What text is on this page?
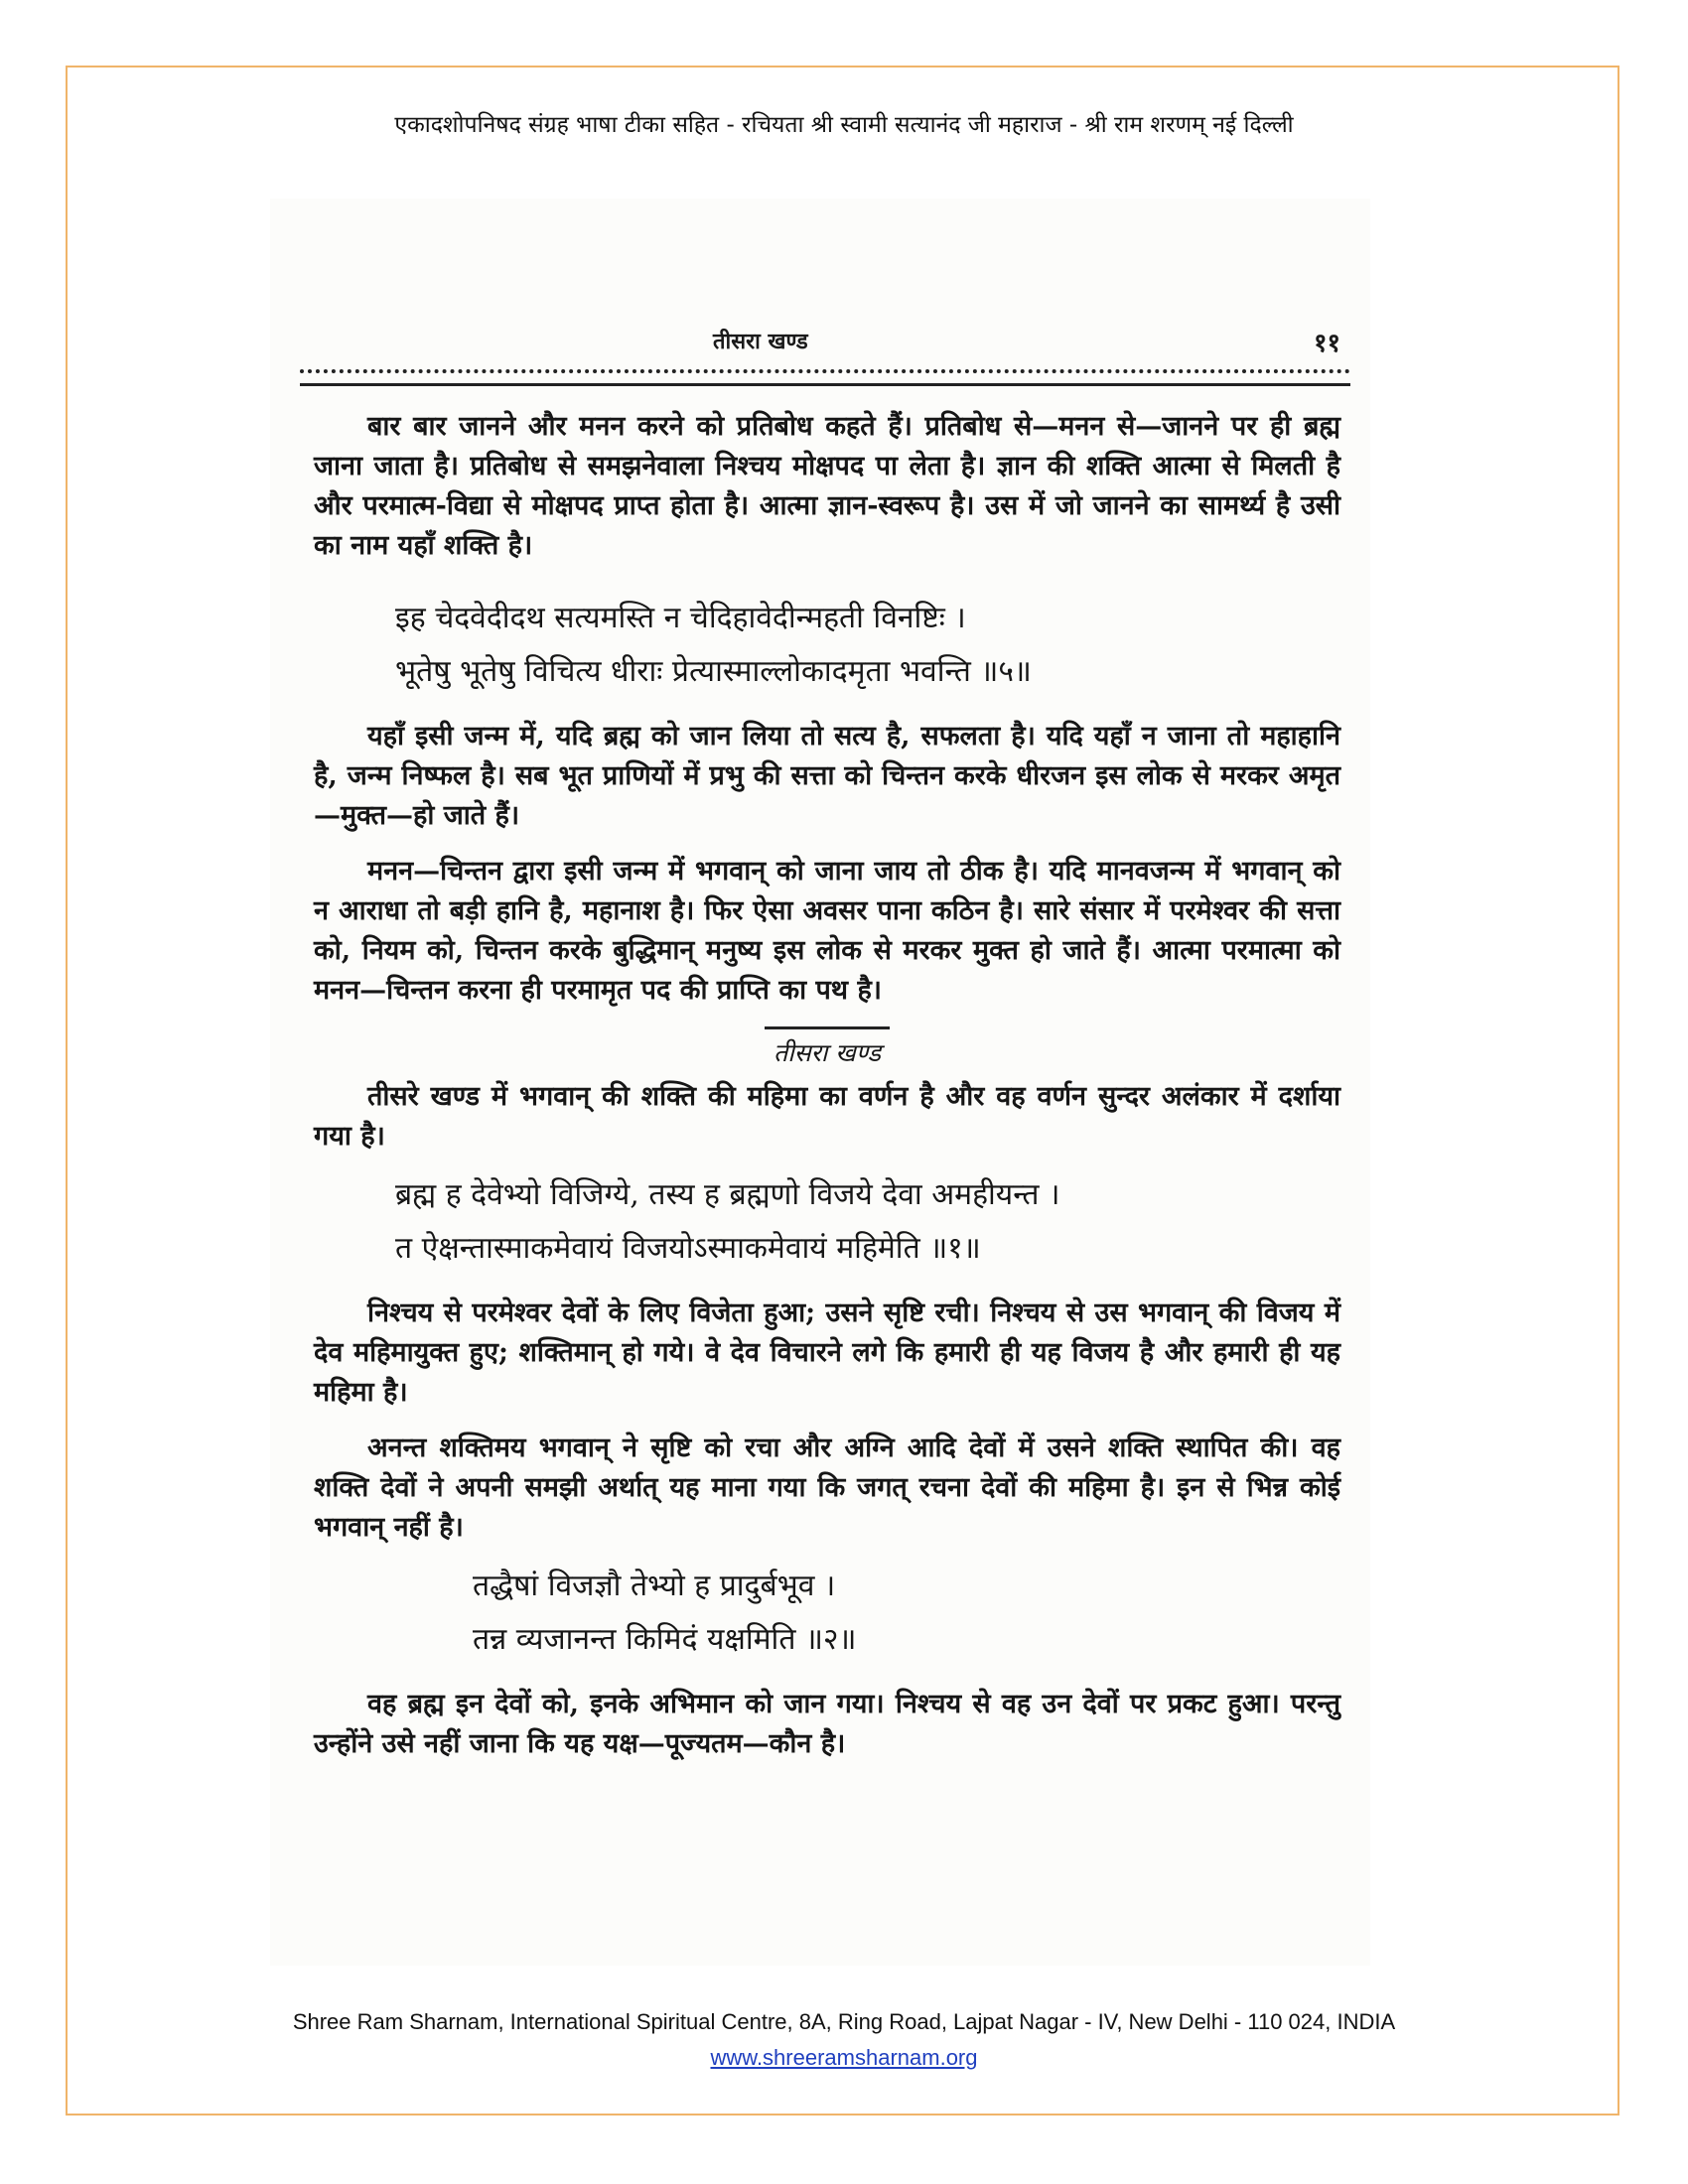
एकादशोपनिषद संग्रह भाषा टीका सहित - रचियता श्री स्वामी सत्यानंद जी महाराज - श्री राम शरणम् नई दिल्ली
तीसरा खण्ड	११

बार बार जानने और मनन करने को प्रतिबोध कहते हैं। प्रतिबोध से—मनन से—जानने पर ही ब्रह्म जाना जाता है। प्रतिबोध से समझनेवाला निश्चय मोक्षपद पा लेता है। ज्ञान की शक्ति आत्मा से मिलती है और परमात्म-विद्या से मोक्षपद प्राप्त होता है। आत्मा ज्ञान-स्वरूप है। उस में जो जानने का सामर्थ्य है उसी का नाम यहाँ शक्ति है।

इह चेदवेदीदथ सत्यमस्ति न चेदिहावेदीन्महती विनष्टिः ।
भूतेषु भूतेषु विचित्य धीराः प्रेत्यास्माल्लोकादमृता भवन्ति ॥५॥

यहाँ इसी जन्म में, यदि ब्रह्म को जान लिया तो सत्य है, सफलता है। यदि यहाँ न जाना तो महाहानि है, जन्म निष्फल है। सब भूत प्राणियों में प्रभु की सत्ता को चिन्तन करके धीरजन इस लोक से मरकर अमृत—मुक्त—हो जाते हैं।

मनन—चिन्तन द्वारा इसी जन्म में भगवान् को जाना जाय तो ठीक है। यदि मानवजन्म में भगवान् को न आराधा तो बड़ी हानि है, महानाश है। फिर ऐसा अवसर पाना कठिन है। सारे संसार में परमेश्वर की सत्ता को, नियम को, चिन्तन करके बुद्धिमान् मनुष्य इस लोक से मरकर मुक्त हो जाते हैं। आत्मा परमात्मा को मनन—चिन्तन करना ही परमामृत पद की प्राप्ति का पथ है।

तीसरा खण्ड

तीसरे खण्ड में भगवान् की शक्ति की महिमा का वर्णन है और वह वर्णन सुन्दर अलंकार में दर्शाया गया है।

ब्रह्म ह देवेभ्यो विजिग्ये, तस्य ह ब्रह्मणो विजये देवा अमहीयन्त ।
त ऐक्षन्तास्माकमेवायं विजयोऽस्माकमेवायं महिमेति ॥१॥

निश्चय से परमेश्वर देवों के लिए विजेता हुआ; उसने सृष्टि रची। निश्चय से उस भगवान् की विजय में देव महिमायुक्त हुए; शक्तिमान् हो गये। वे देव विचारने लगे कि हमारी ही यह विजय है और हमारी ही यह महिमा है।

अनन्त शक्तिमय भगवान् ने सृष्टि को रचा और अग्नि आदि देवों में उसने शक्ति स्थापित की। वह शक्ति देवों ने अपनी समझी अर्थात् यह माना गया कि जगत् रचना देवों की महिमा है। इन से भिन्न कोई भगवान् नहीं है।

तद्धैषां विजज्ञौ तेभ्यो ह प्रादुर्बभूव ।
तन्न व्यजानन्त किमिदं यक्षमिति ॥२॥

वह ब्रह्म इन देवों को, इनके अभिमान को जान गया। निश्चय से वह उन देवों पर प्रकट हुआ। परन्तु उन्होंने उसे नहीं जाना कि यह यक्ष—पूज्यतम—कौन है।

Shree Ram Sharnam, International Spiritual Centre, 8A, Ring Road, Lajpat Nagar - IV, New Delhi - 110 024, INDIA
www.shreeramsharnam.org
